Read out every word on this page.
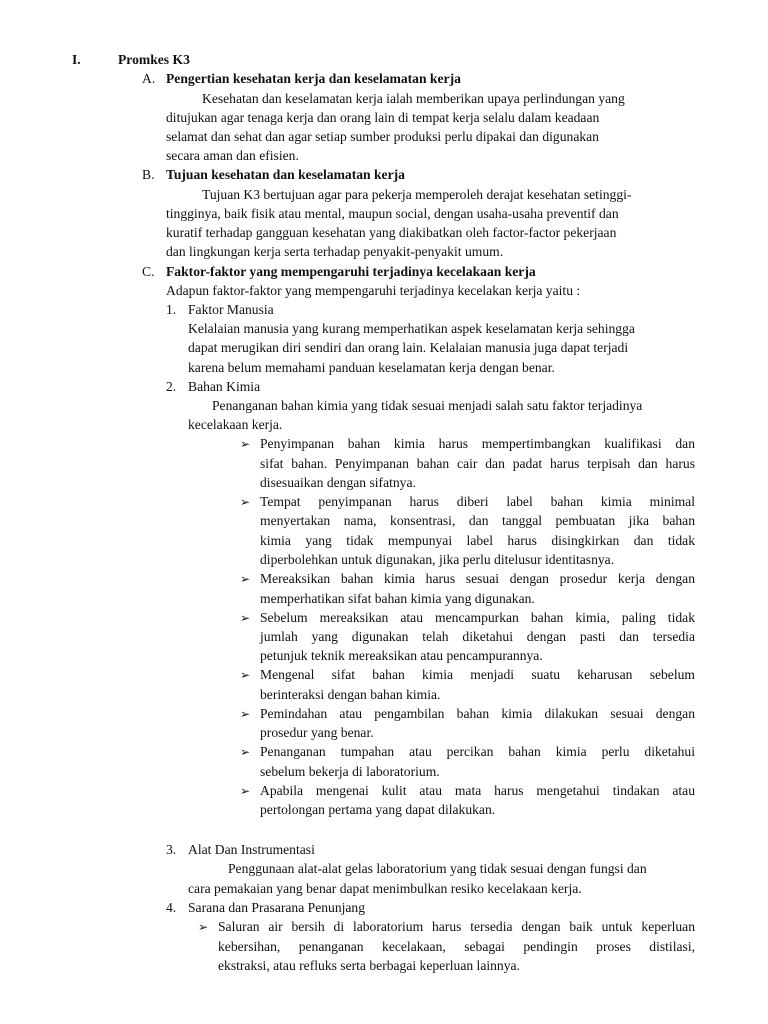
I.	Promkes K3
A. Pengertian kesehatan kerja dan keselamatan kerja
Kesehatan dan keselamatan kerja ialah memberikan upaya perlindungan yang
ditujukan agar tenaga kerja dan orang lain di tempat kerja selalu dalam keadaan
selamat dan sehat dan agar setiap sumber produksi perlu dipakai dan digunakan
secara aman dan efisien.
B. Tujuan kesehatan dan keselamatan kerja
Tujuan K3 bertujuan agar para pekerja memperoleh derajat kesehatan setinggi-
tingginya, baik fisik atau mental, maupun social, dengan usaha-usaha preventif dan
kuratif terhadap gangguan kesehatan yang diakibatkan oleh factor-factor pekerjaan
dan lingkungan kerja serta terhadap penyakit-penyakit umum.
C. Faktor-faktor yang mempengaruhi terjadinya kecelakaan kerja
Adapun faktor-faktor yang mempengaruhi terjadinya kecelakan kerja yaitu :
1. Faktor Manusia
Kelalaian manusia yang kurang memperhatikan aspek keselamatan kerja sehingga
dapat merugikan diri sendiri dan orang lain. Kelalaian manusia juga dapat terjadi
karena belum memahami panduan keselamatan kerja dengan benar.
2. Bahan Kimia
Penanganan bahan kimia yang tidak sesuai menjadi salah satu faktor terjadinya
kecelakaan kerja.
➢ Penyimpanan bahan kimia harus mempertimbangkan kualifikasi dan
sifat bahan. Penyimpanan bahan cair dan padat harus terpisah dan harus
disesuaikan dengan sifatnya.
➢ Tempat penyimpanan harus diberi label bahan kimia minimal
menyertakan nama, konsentrasi, dan tanggal pembuatan jika bahan
kimia yang tidak mempunyai label harus disingkirkan dan tidak
diperbolehkan untuk digunakan, jika perlu ditelusur identitasnya.
➢ Mereaksikan bahan kimia harus sesuai dengan prosedur kerja dengan
memperhatikan sifat bahan kimia yang digunakan.
➢ Sebelum mereaksikan atau mencampurkan bahan kimia, paling tidak
jumlah yang digunakan telah diketahui dengan pasti dan tersedia
petunjuk teknik mereaksikan atau pencampurannya.
➢ Mengenal sifat bahan kimia menjadi suatu keharusan sebelum
berinteraksi dengan bahan kimia.
➢ Pemindahan atau pengambilan bahan kimia dilakukan sesuai dengan
prosedur yang benar.
➢ Penanganan tumpahan atau percikan bahan kimia perlu diketahui
sebelum bekerja di laboratorium.
➢ Apabila mengenai kulit atau mata harus mengetahui tindakan atau
pertolongan pertama yang dapat dilakukan.
3. Alat Dan Instrumentasi
Penggunaan alat-alat gelas laboratorium yang tidak sesuai dengan fungsi dan
cara pemakaian yang benar dapat menimbulkan resiko kecelakaan kerja.
4. Sarana dan Prasarana Penunjang
➢ Saluran air bersih di laboratorium harus tersedia dengan baik untuk keperluan
kebersihan, penanganan kecelakaan, sebagai pendingin proses distilasi,
ekstraksi, atau refluks serta berbagai keperluan lainnya.
